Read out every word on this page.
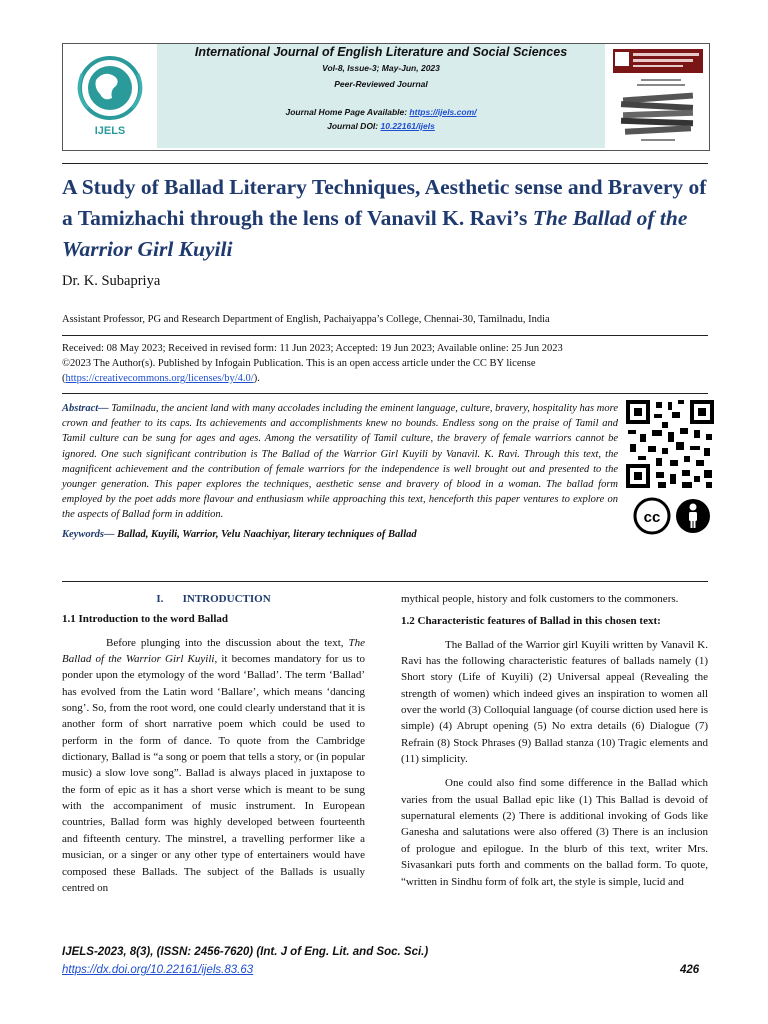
IJELS
International Journal of English Literature and Social Sciences
Vol-8, Issue-3; May-Jun, 2023
Peer-Reviewed Journal
Journal Home Page Available: https://ijels.com/
Journal DOI: 10.22161/ijels
A Study of Ballad Literary Techniques, Aesthetic sense and Bravery of a Tamizhachi through the lens of Vanavil K. Ravi’s The Ballad of the Warrior Girl Kuyili
Dr. K. Subapriya
Assistant Professor, PG and Research Department of English, Pachaiyappa’s College, Chennai-30, Tamilnadu, India
Received: 08 May 2023; Received in revised form: 11 Jun 2023; Accepted: 19 Jun 2023; Available online: 25 Jun 2023
©2023 The Author(s). Published by Infogain Publication. This is an open access article under the CC BY license
(https://creativecommons.org/licenses/by/4.0/).
Abstract— Tamilnadu, the ancient land with many accolades including the eminent language, culture, bravery, hospitality has more crown and feather to its caps. Its achievements and accomplishments knew no bounds. Endless song on the praise of Tamil and Tamil culture can be sung for ages and ages. Among the versatility of Tamil culture, the bravery of female warriors cannot be ignored. One such significant contribution is The Ballad of the Warrior Girl Kuyili by Vanavil. K. Ravi. Through this text, the magnificent achievement and the contribution of female warriors for the independence is well brought out and presented to the younger generation. This paper explores the techniques, aesthetic sense and bravery of blood in a woman. The ballad form employed by the poet adds more flavour and enthusiasm while approaching this text, henceforth this paper ventures to explore on the aspects of Ballad form in addition.
Keywords— Ballad, Kuyili, Warrior, Velu Naachiyar, literary techniques of Ballad
cc

I.       INTRODUCTION

1.1 Introduction to the word Ballad

Before plunging into the discussion about the text, The Ballad of the Warrior Girl Kuyili, it becomes mandatory for us to ponder upon the etymology of the word ‘Ballad’. The term ‘Ballad’ has evolved from the Latin word ‘Ballare’, which means ‘dancing song’. So, from the root word, one could clearly understand that it is another form of short narrative poem which could be used to perform in the form of dance. To quote from the Cambridge dictionary, Ballad is “a song or poem that tells a story, or (in popular music) a slow love song”. Ballad is always placed in juxtapose to the form of epic as it has a short verse which is meant to be sung with the accompaniment of music instrument. In European countries, Ballad form was highly developed between fourteenth and fifteenth century. The minstrel, a travelling performer like a musician, or a singer or any other type of entertainers would have composed these Ballads. The subject of the Ballads is usually centred on

mythical people, history and folk customers to the commoners.

1.2 Characteristic features of Ballad in this chosen text:

The Ballad of the Warrior girl Kuyili written by Vanavil K. Ravi has the following characteristic features of ballads namely (1) Short story (Life of Kuyili) (2) Universal appeal (Revealing the strength of women) which indeed gives an inspiration to women all over the world (3) Colloquial language (of course diction used here is simple) (4) Abrupt opening (5) No extra details (6) Dialogue (7) Refrain (8) Stock Phrases (9) Ballad stanza (10) Tragic elements and (11) simplicity.

One could also find some difference in the Ballad which varies from the usual Ballad epic like (1) This Ballad is devoid of supernatural elements (2) There is additional invoking of Gods like Ganesha and salutations were also offered (3) There is an inclusion of prologue and epilogue. In the blurb of this text, writer Mrs. Sivasankari puts forth and comments on the ballad form. To quote, “written in Sindhu form of folk art, the style is simple, lucid and

IJELS-2023, 8(3), (ISSN: 2456-7620) (Int. J of Eng. Lit. and Soc. Sci.)
https://dx.doi.org/10.22161/ijels.83.63	426
